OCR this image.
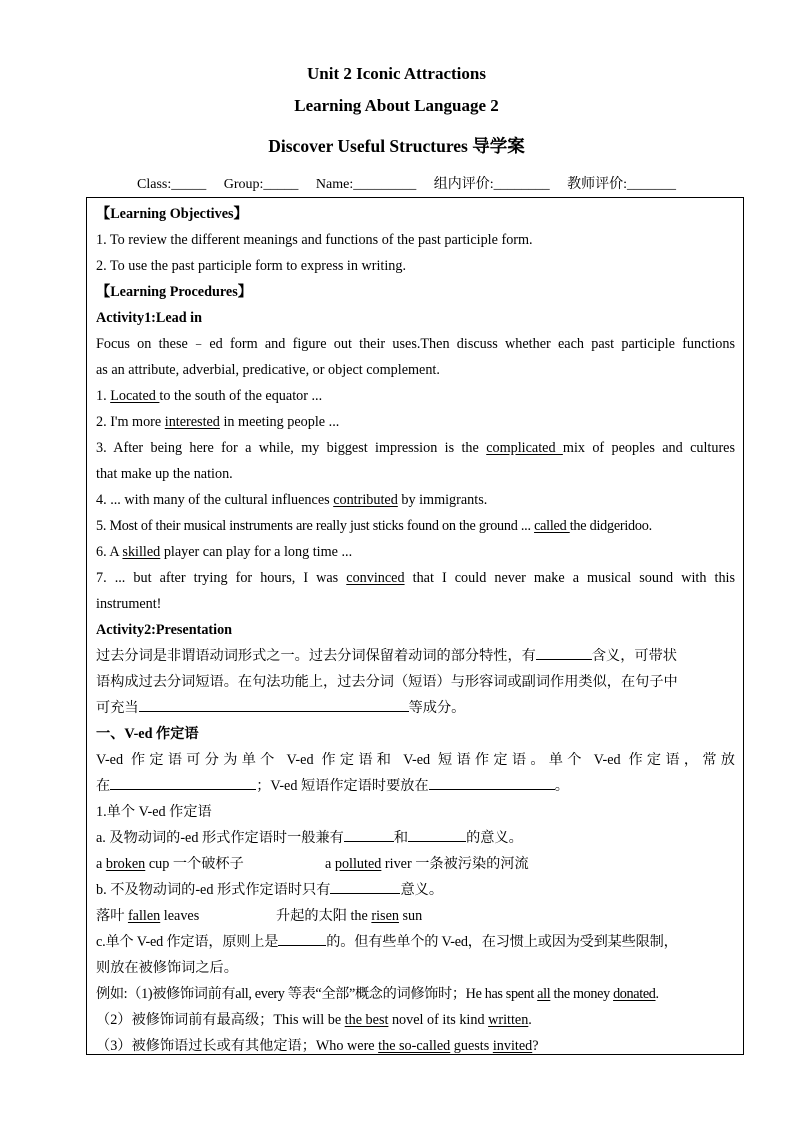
Unit 2 Iconic Attractions
Learning About Language 2
Discover Useful Structures 导学案
Class:_____ Group:_____ Name:_________ 组内评价:________ 教师评价:_______
【Learning Objectives】
1. To review the different meanings and functions of the past participle form.
2. To use the past participle form to express in writing.
【Learning Procedures】
Activity1:Lead in
Focus on these﹣ed form and figure out their uses.Then discuss whether each past participle functions
as an attribute, adverbial, predicative, or object complement.
1. Located to the south of the equator ...
2. I'm more interested in meeting people ...
3. After being here for a while, my biggest impression is the complicated mix of peoples and cultures
that make up the nation.
4. ... with many of the cultural influences contributed by immigrants.
5. Most of their musical instruments are really just sticks found on the ground ... called the didgeridoo.
6. A skilled player can play for a long time ...
7. ... but after trying for hours, I was convinced that I could never make a musical sound with this
instrument!
Activity2:Presentation
过去分词是非谓语动词形式之一。过去分词保留着动词的部分特性，有	含义，可带状
语构成过去分词短语。在句法功能上，过去分词（短语）与形容词或副词作用类似，在句子中
可充当	等成分。
一、V-ed 作定语
V-ed 作定语可分为单个 V-ed 作定语和 V-ed 短语作定语。单个 V-ed 作定语，常放
在	；V-ed 短语作定语时要放在	。
1.单个 V-ed 作定语
a. 及物动词的-ed 形式作定语时一般兼有	和	的意义。
a broken cup 一个破杯子	a polluted river 一条被污染的河流
b. 不及物动词的-ed 形式作定语时只有	意义。
落叶 fallen leaves	升起的太阳 the risen sun
c.单个 V-ed 作定语，原则上是	的。但有些单个的 V-ed，在习惯上或因为受到某些限制，
则放在被修饰词之后。
例如:（1)被修饰词前有all, every 等表“全部”概念的词修饰时；He has spent all the money donated.
（2）被修饰词前有最高级；This will be the best novel of its kind written.
（3）被修饰语过长或有其他定语；Who were the so-called guests invited?
